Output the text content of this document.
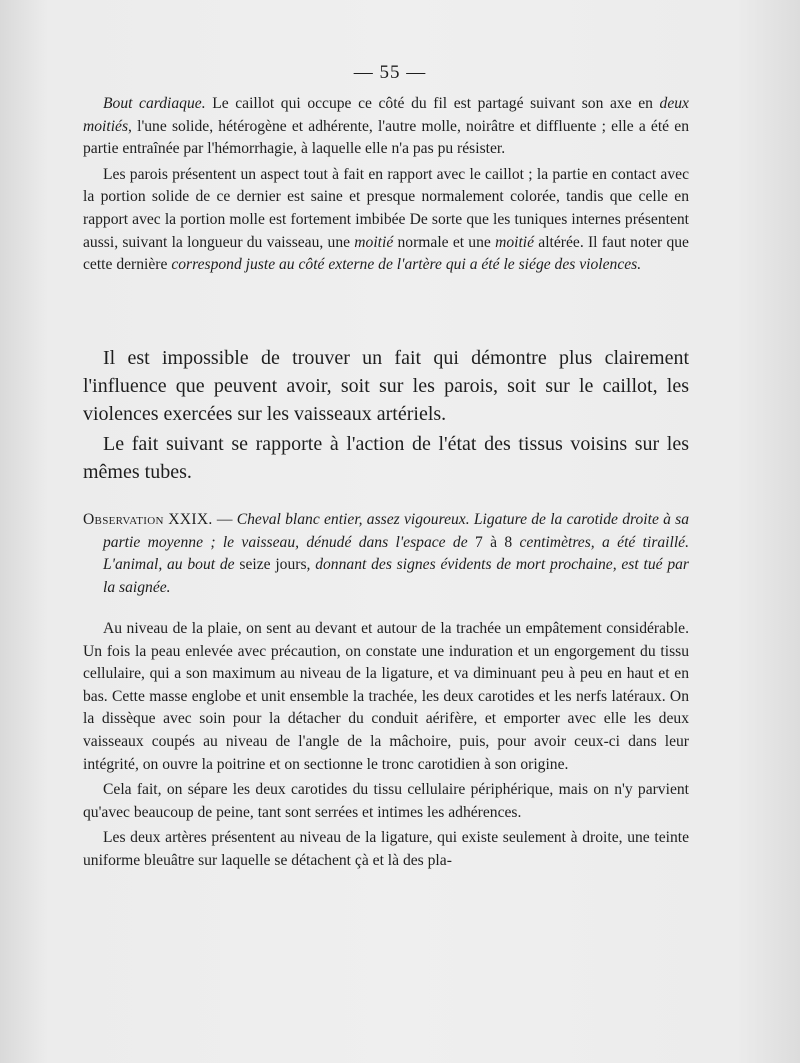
— 55 —

Bout cardiaque. Le caillot qui occupe ce côté du fil est partagé suivant son axe en deux moitiés, l'une solide, hétérogène et adhérente, l'autre molle, noirâtre et diffluente ; elle a été en partie entraînée par l'hémorrhagie, à laquelle elle n'a pas pu résister.

Les parois présentent un aspect tout à fait en rapport avec le caillot ; la partie en contact avec la portion solide de ce dernier est saine et presque normalement colorée, tandis que celle en rapport avec la portion molle est fortement imbibée De sorte que les tuniques internes présentent aussi, suivant la longueur du vaisseau, une moitié normale et une moitié altérée. Il faut noter que cette dernière correspond juste au côté externe de l'artère qui a été le siége des violences.

Il est impossible de trouver un fait qui démontre plus clairement l'influence que peuvent avoir, soit sur les parois, soit sur le caillot, les violences exercées sur les vaisseaux artériels.

Le fait suivant se rapporte à l'action de l'état des tissus voisins sur les mêmes tubes.

Observation XXIX. — Cheval blanc entier, assez vigoureux. Ligature de la carotide droite à sa partie moyenne ; le vaisseau, dénudé dans l'espace de 7 à 8 centimètres, a été tiraillé. L'animal, au bout de seize jours, donnant des signes évidents de mort prochaine, est tué par la saignée.

Au niveau de la plaie, on sent au devant et autour de la trachée un empâtement considérable. Un fois la peau enlevée avec précaution, on constate une induration et un engorgement du tissu cellulaire, qui a son maximum au niveau de la ligature, et va diminuant peu à peu en haut et en bas. Cette masse englobe et unit ensemble la trachée, les deux carotides et les nerfs latéraux. On la dissèque avec soin pour la détacher du conduit aérifère, et emporter avec elle les deux vaisseaux coupés au niveau de l'angle de la mâchoire, puis, pour avoir ceux-ci dans leur intégrité, on ouvre la poitrine et on sectionne le tronc carotidien à son origine.

Cela fait, on sépare les deux carotides du tissu cellulaire périphérique, mais on n'y parvient qu'avec beaucoup de peine, tant sont serrées et intimes les adhérences.

Les deux artères présentent au niveau de la ligature, qui existe seulement à droite, une teinte uniforme bleuâtre sur laquelle se détachent çà et là des pla-
